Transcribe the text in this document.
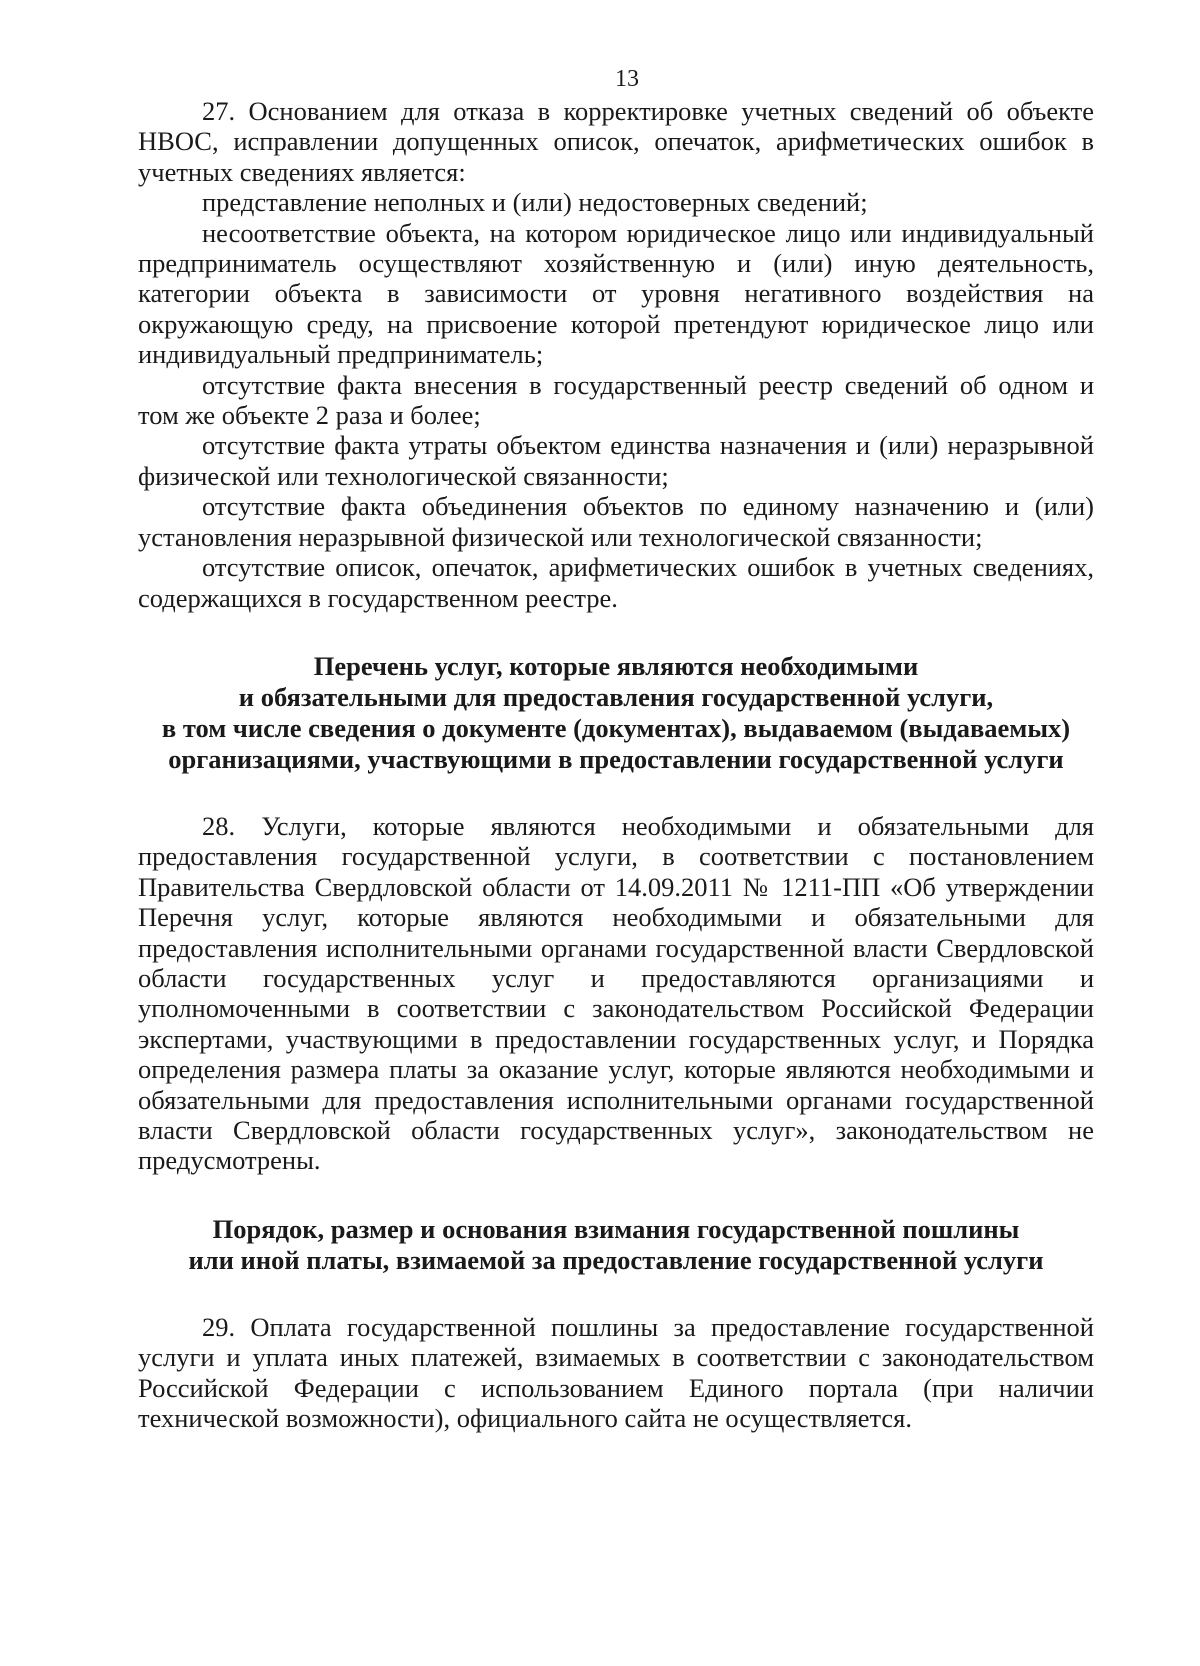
13

27. Основанием для отказа в корректировке учетных сведений об объекте НВОС, исправлении допущенных описок, опечаток, арифметических ошибок в учетных сведениях является:

представление неполных и (или) недостоверных сведений;

несоответствие объекта, на котором юридическое лицо или индивидуальный предприниматель осуществляют хозяйственную и (или) иную деятельность, категории объекта в зависимости от уровня негативного воздействия на окружающую среду, на присвоение которой претендуют юридическое лицо или индивидуальный предприниматель;

отсутствие факта внесения в государственный реестр сведений об одном и том же объекте 2 раза и более;

отсутствие факта утраты объектом единства назначения и (или) неразрывной физической или технологической связанности;

отсутствие факта объединения объектов по единому назначению и (или) установления неразрывной физической или технологической связанности;

отсутствие описок, опечаток, арифметических ошибок в учетных сведениях, содержащихся в государственном реестре.

Перечень услуг, которые являются необходимыми
и обязательными для предоставления государственной услуги,
в том числе сведения о документе (документах), выдаваемом (выдаваемых)
организациями, участвующими в предоставлении государственной услуги

28. Услуги, которые являются необходимыми и обязательными для предоставления государственной услуги, в соответствии с постановлением Правительства Свердловской области от 14.09.2011 № 1211-ПП «Об утверждении Перечня услуг, которые являются необходимыми и обязательными для предоставления исполнительными органами государственной власти Свердловской области государственных услуг и предоставляются организациями и уполномоченными в соответствии с законодательством Российской Федерации экспертами, участвующими в предоставлении государственных услуг, и Порядка определения размера платы за оказание услуг, которые являются необходимыми и обязательными для предоставления исполнительными органами государственной власти Свердловской области государственных услуг», законодательством не предусмотрены.

Порядок, размер и основания взимания государственной пошлины
или иной платы, взимаемой за предоставление государственной услуги

29. Оплата государственной пошлины за предоставление государственной услуги и уплата иных платежей, взимаемых в соответствии с законодательством Российской Федерации с использованием Единого портала (при наличии технической возможности), официального сайта не осуществляется.
